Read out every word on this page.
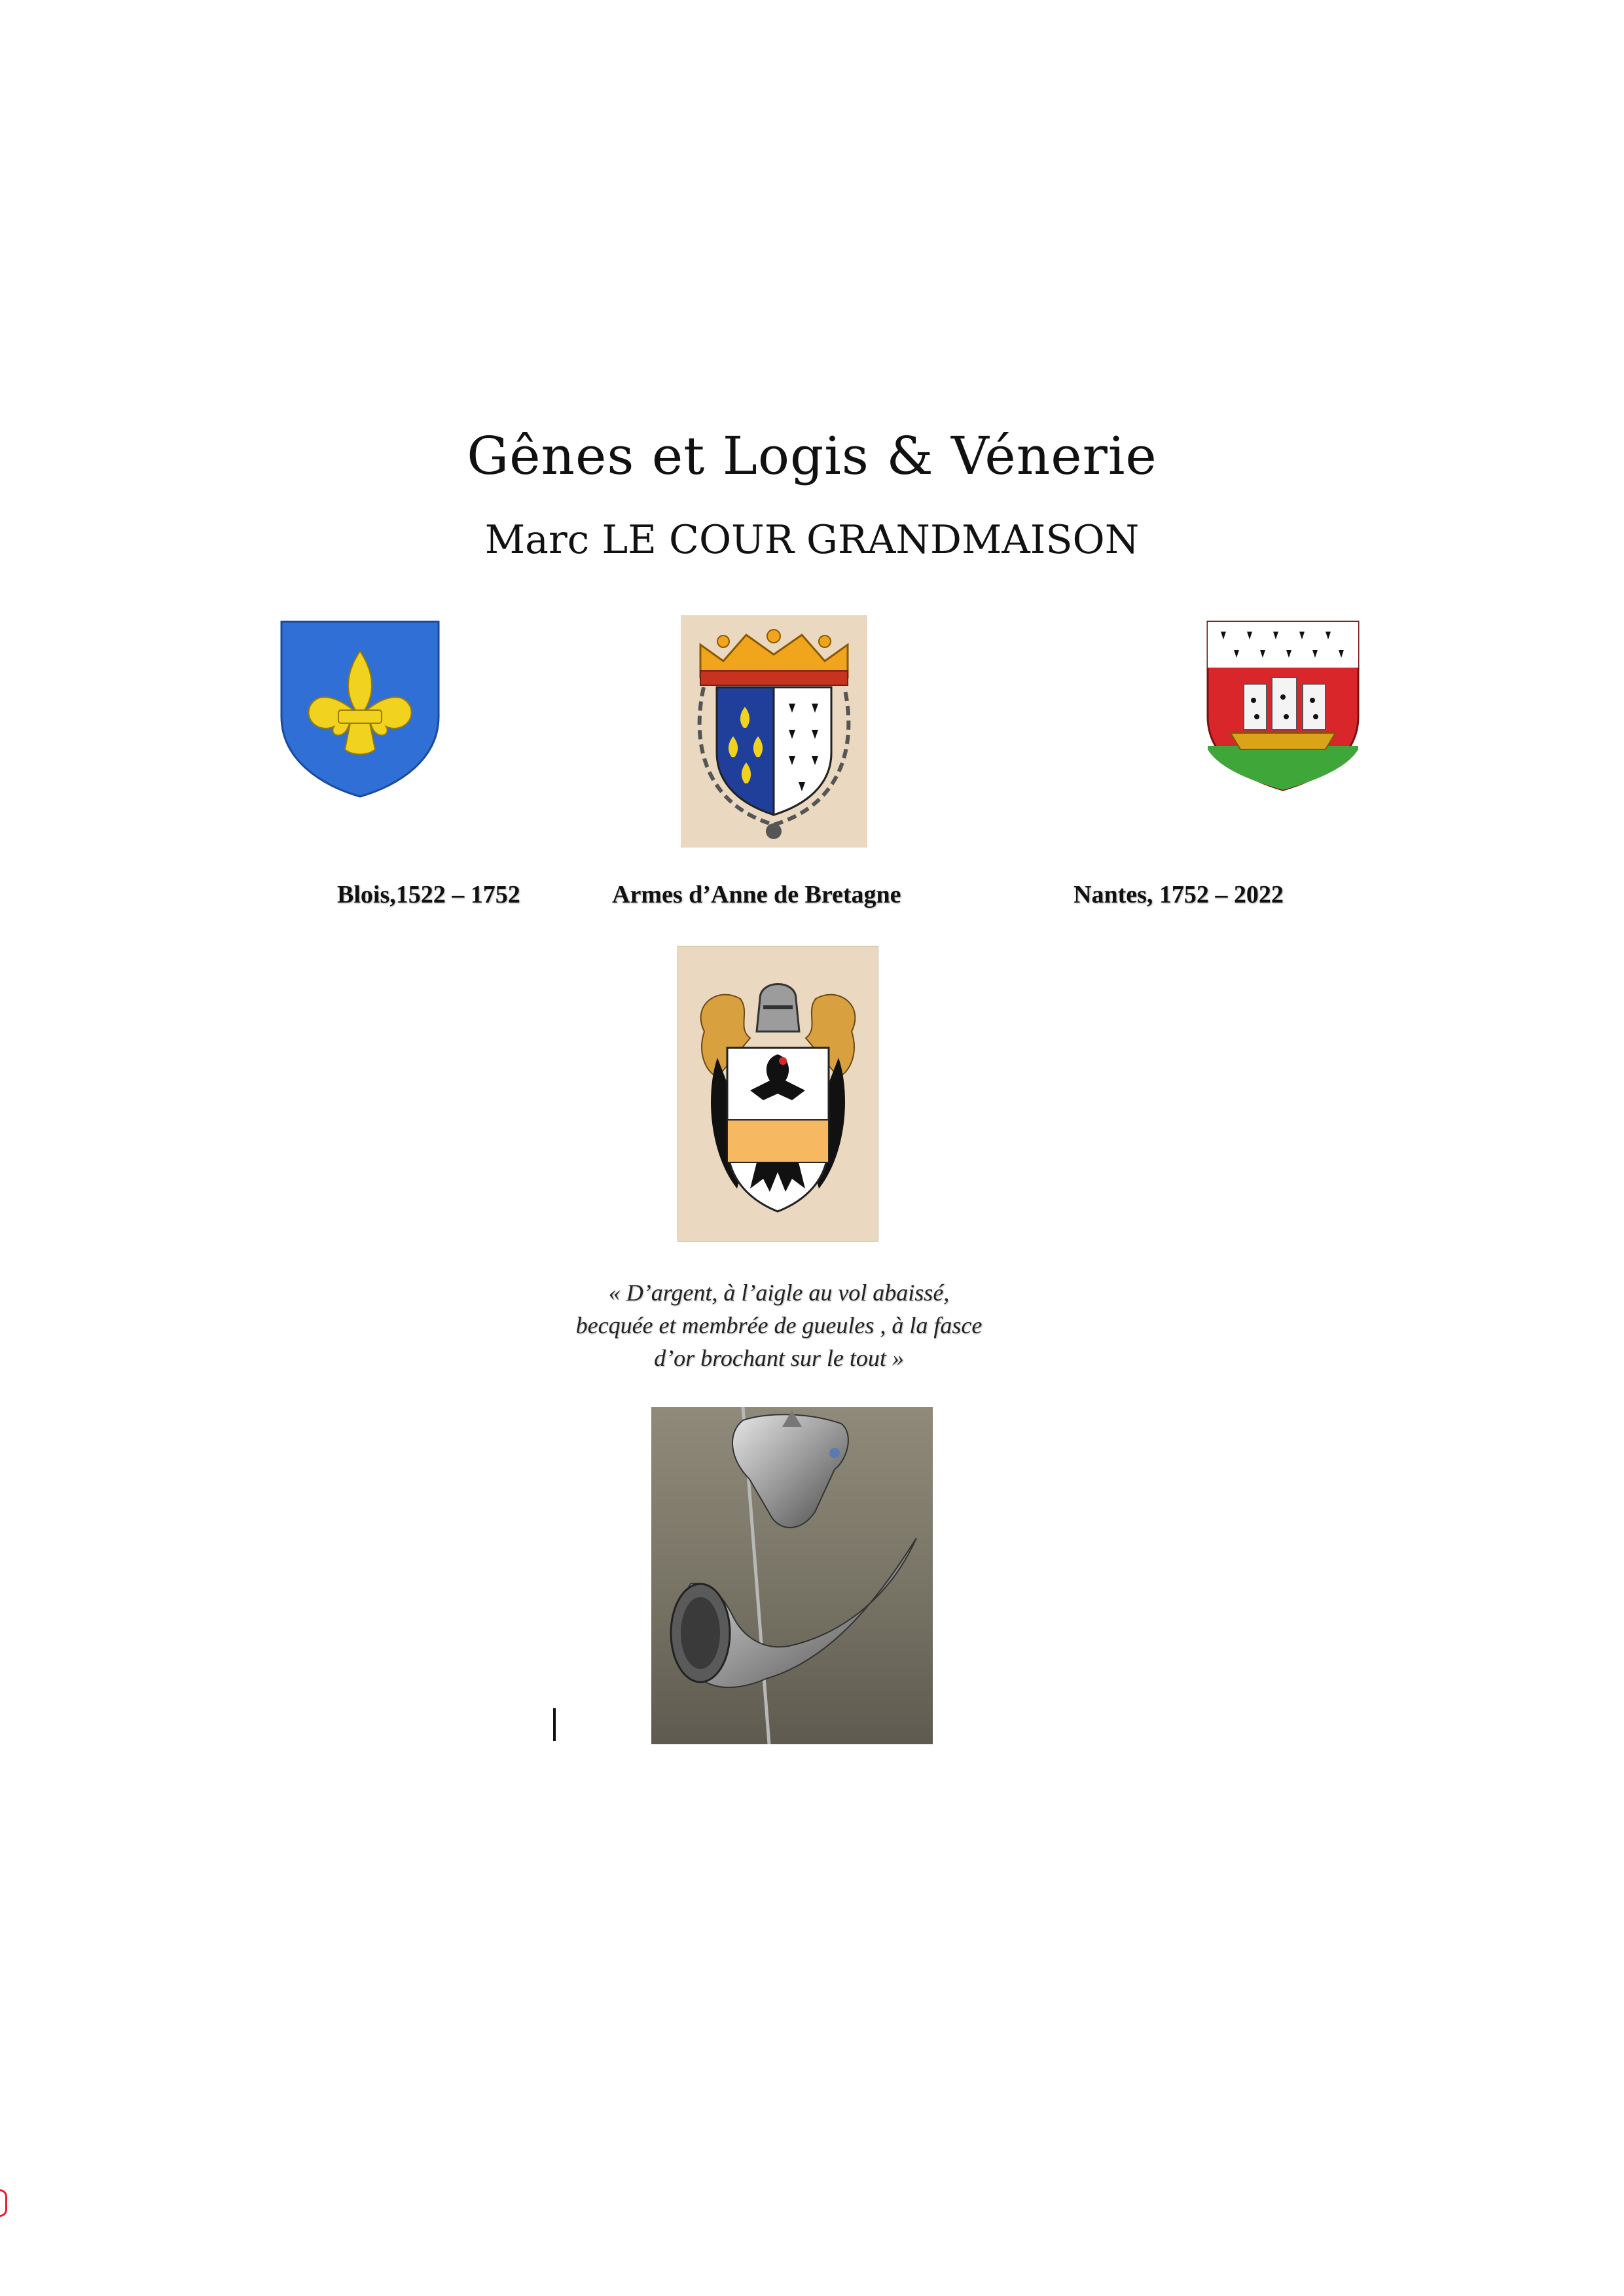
Gênes et Logis & Vénerie
Marc LE COUR GRANDMAISON
Blois,1522 – 1752	Armes d’Anne de Bretagne	Nantes, 1752 – 2022
« D’argent, à l’aigle au vol abaissé, becquée et membrée de gueules , à la fasce d’or brochant sur le tout »
